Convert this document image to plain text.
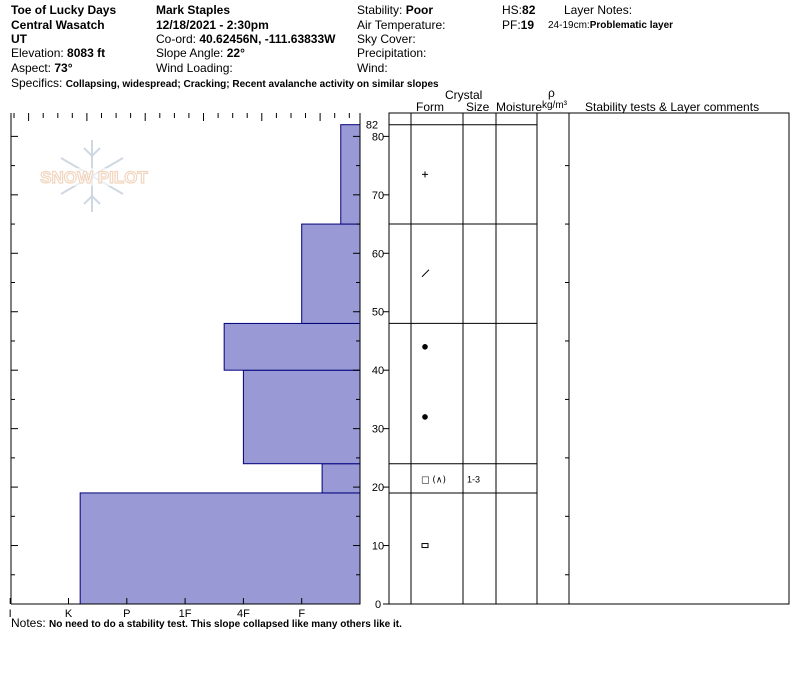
Toe of Lucky Days
Central Wasatch
UT
Elevation: 8083 ft
Aspect: 73°
Mark Staples
12/18/2021 - 2:30pm
Co-ord: 40.62456N, -111.63833W
Slope Angle: 22°
Wind Loading:
Stability: Poor
Air Temperature:
Sky Cover:
Precipitation:
Wind:
HS:82
PF:19
Layer Notes:
24-19cm:Problematic layer
Specifics: Collapsing, widespread; Cracking; Recent avalanche activity on similar slopes
Crystal
Form Size Moisture
ρ
kg/m³ Stability tests & Layer comments
SNOW PILOT
0
10
20
30
40
50
60
70
80
82
I	K	P	1F	4F	F
□ (∧) 1-3
Notes: No need to do a stability test. This slope collapsed like many others like it.
